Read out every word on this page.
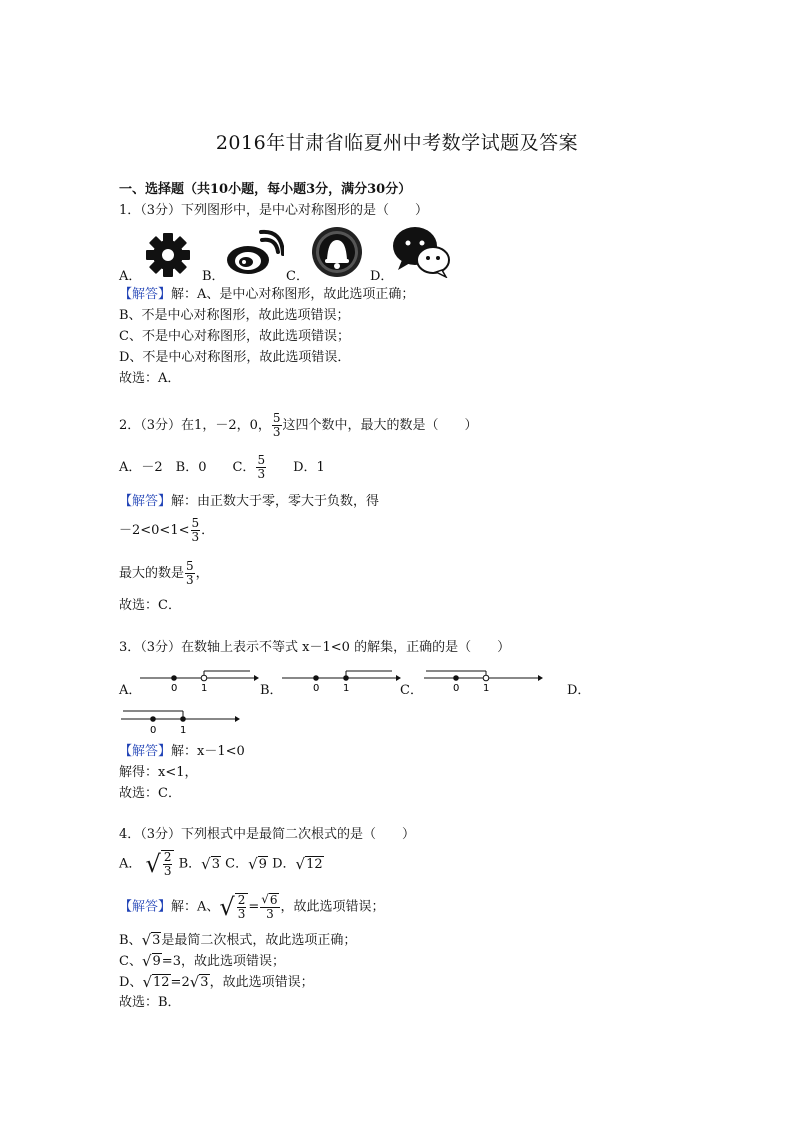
2016年甘肃省临夏州中考数学试题及答案
一、选择题（共10小题，每小题3分，满分30分）
1．（3分）下列图形中，是中心对称图形的是（　　）
A．	B．	C．	D．
【解答】解：A、是中心对称图形，故此选项正确；
B、不是中心对称图形，故此选项错误；
C、不是中心对称图形，故此选项错误；
D、不是中心对称图形，故此选项错误．
故选：A．
2．（3分）在1，－2，0， $\frac{5}{3}$ 这四个数中，最大的数是（　　）
A．－2　B．0　　C． $\frac{5}{3}$ 　　D．1
【解答】解：由正数大于零，零大于负数，得
$-2<0<1< \frac{5}{3}$ ．
最大的数是 $\frac{5}{3}$ ，
故选：C．
3．（3分）在数轴上表示不等式 x－1<0 的解集，正确的是（　　）
A．	0 1	B．	0 1	C．	0 1	D．
0 1
【解答】解：x－1<0
解得：x<1，
故选：C．
4．（3分）下列根式中是最简二次根式的是（　　）
A． √ $\frac{2}{3}$ B． √ 3 C． √ 9 D． √ 12
【解答】解：A、 √ $\frac{2}{3} = \frac{√ 6}{3}$ ，故此选项错误；
B、 √ 3 是最简二次根式，故此选项正确；
C、 √ 9 =3，故此选项错误；
D、 √ 12 =2 √ 3 ，故此选项错误；
故选：B．
